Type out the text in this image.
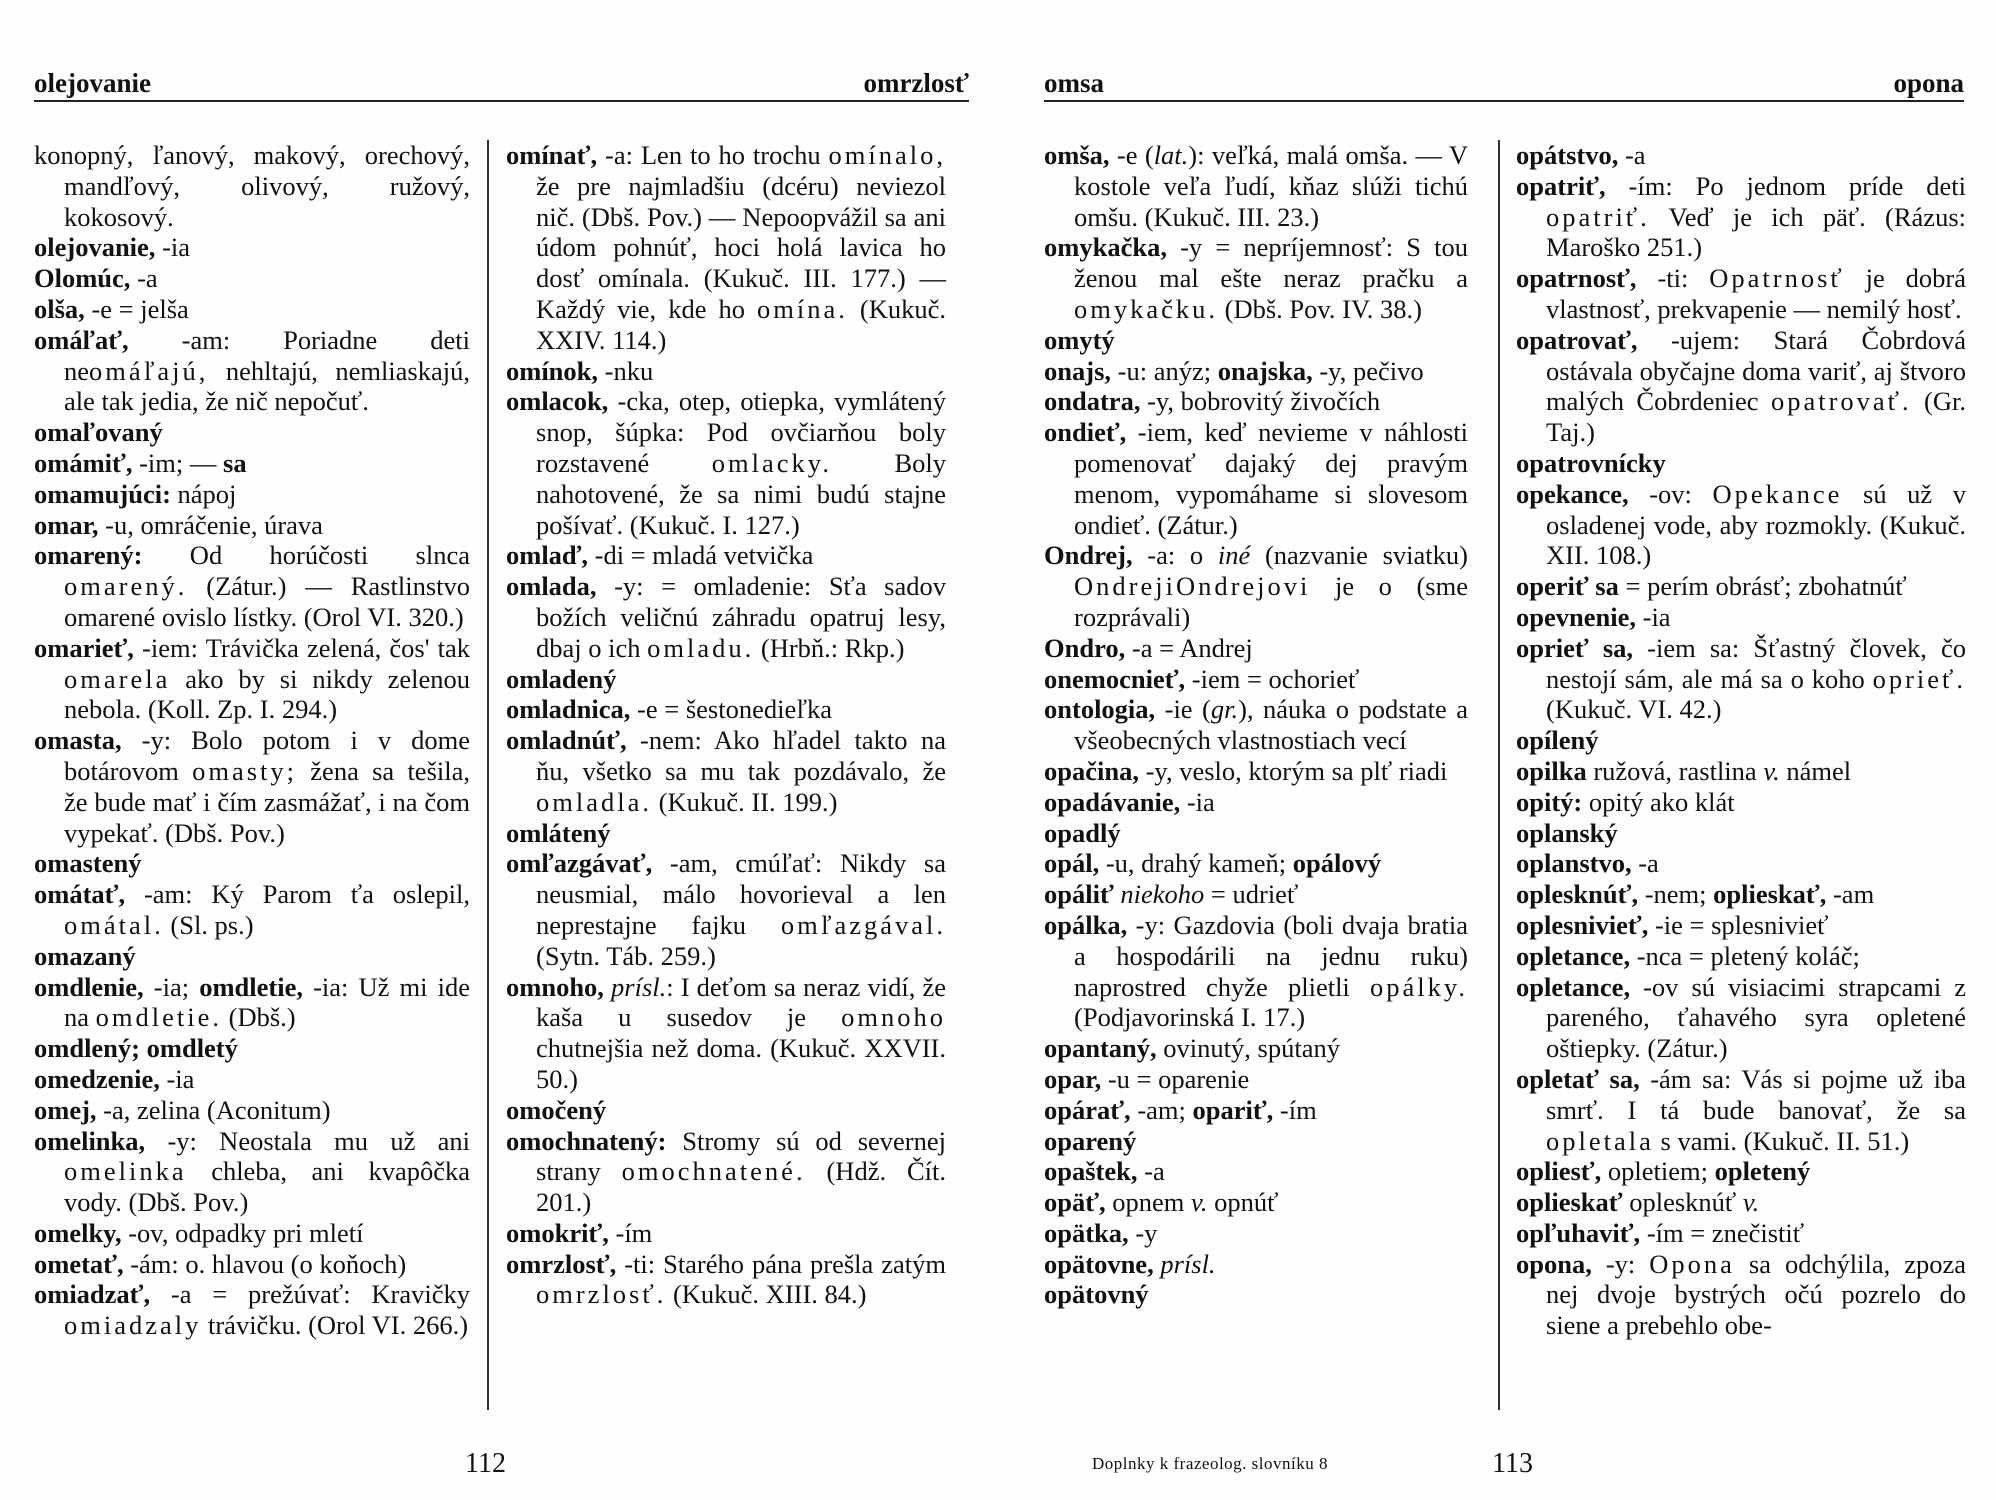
olejovanie	omrzlosť

konopný, ľanový, makový, orechový, mandľový, olivový, ružový, kokosový.

olejovanie, -ia

Olomúc, -a

olša, -e = jelša

omáľať, -am: Poriadne deti neomáľajú, nehltajú, nemliaskajú, ale tak jedia, že nič nepočuť.

omaľovaný

omámiť, -im; — sa

omamujúci: nápoj

omar, -u, omráčenie, úrava

omarený: Od horúčosti slnca omarený. (Zátur.) — Rastlinstvo omarené ovislo lístky. (Orol VI. 320.)

omarieť, -iem: Trávička zelená, čos' tak omarela ako by si nikdy zelenou nebola. (Koll. Zp. I. 294.)

omasta, -y: Bolo potom i v dome botárovom omasty; žena sa tešila, že bude mať i čím zasmážať, i na čom vypekať. (Dbš. Pov.)

omastený

omátať, -am: Ký Parom ťa oslepil, omátal. (Sl. ps.)

omazaný

omdlenie, -ia; omdletie, -ia: Už mi ide na omdletie. (Dbš.)

omdlený; omdletý

omedzenie, -ia

omej, -a, zelina (Aconitum)

omelinka, -y: Neostala mu už ani omelinka chleba, ani kvapôčka vody. (Dbš. Pov.)

omelky, -ov, odpadky pri mletí

ometať, -ám: o. hlavou (o koňoch)

omiadzať, -a = prežúvať: Kravičky omiadzaly trávičku. (Orol VI. 266.)

omínať, -a: Len to ho trochu omínalo, že pre najmladšiu (dcéru) neviezol nič. (Dbš. Pov.) — Nepoopvážil sa ani údom pohnúť, hoci holá lavica ho dosť omínala. (Kukuč. III. 177.) — Každý vie, kde ho omína. (Kukuč. XXIV. 114.)

omínok, -nku

omlacok, -cka, otep, otiepka, vymlátený snop, šúpka: Pod ovčiarňou boly rozstavené omlacky. Boly nahotovené, že sa nimi budú stajne pošívať. (Kukuč. I. 127.)

omlaď, -di = mladá vetvička

omlada, -y: = omladenie: Sťa sadov božích veličnú záhradu opatruj lesy, dbaj o ich omladu. (Hrbň.: Rkp.)

omladený

omladnica, -e = šestonedieľka

omladnúť, -nem: Ako hľadel takto na ňu, všetko sa mu tak pozdávalo, že omladla. (Kukuč. II. 199.)

omlátený

omľazgávať, -am, cmúľať: Nikdy sa neusmial, málo hovorieval a len neprestajne fajku omľazgával. (Sytn. Táb. 259.)

omnoho, prísl.: I deťom sa neraz vidí, že kaša u susedov je omnoho chutnejšia než doma. (Kukuč. XXVII. 50.)

omočený

omochnatený: Stromy sú od severnej strany omochnatené. (Hdž. Čít. 201.)

omokriť, -ím

omrzlosť, -ti: Starého pána prešla zatým omrzlosť. (Kukuč. XIII. 84.)

112
omsa	opona

omša, -e (lat.): veľká, malá omša. — V kostole veľa ľudí, kňaz slúži tichú omšu. (Kukuč. III. 23.)

omykačka, -y = nepríjemnosť: S tou ženou mal ešte neraz pračku a omykačku. (Dbš. Pov. IV. 38.)

omytý

onajs, -u: anýz; onajska, -y, pečivo

ondatra, -y, bobrovitý živočích

ondieť, -iem, keď nevieme v náhlosti pomenovať dajaký dej pravým menom, vypomáhame si slovesom ondieť. (Zátur.)

Ondrej, -a: o iné (nazvanie sviatku) OndrejiOndrejovi je o (sme rozprávali)

Ondro, -a = Andrej

onemocnieť, -iem = ochorieť

ontologia, -ie (gr.), náuka o podstate a všeobecných vlastnostiach vecí

opačina, -y, veslo, ktorým sa plť riadi

opadávanie, -ia

opadlý

opál, -u, drahý kameň; opálový

opáliť niekoho = udrieť

opálka, -y: Gazdovia (boli dvaja bratia a hospodárili na jednu ruku) naprostred chyže plietli opálky. (Podjavorinská I. 17.)

opantaný, ovinutý, spútaný

opar, -u = oparenie

opárať, -am; opariť, -ím

oparený

opaštek, -a

opäť, opnem v. opnúť

opätka, -y

opätovne, prísl.

opätovný

opátstvo, -a

opatriť, -ím: Po jednom príde deti opatriť. Veď je ich päť. (Rázus: Maroško 251.)

opatrnosť, -ti: Opatrnosť je dobrá vlastnosť, prekvapenie — nemilý hosť.

opatrovať, -ujem: Stará Čobrdová ostávala obyčajne doma variť, aj štvoro malých Čobrdeniec opatrovať. (Gr. Taj.)

opatrovnícky

opekance, -ov: Opekance sú už v osladenej vode, aby rozmokly. (Kukuč. XII. 108.)

operiť sa = perím obrásť; zbohatnúť

opevnenie, -ia

oprieť sa, -iem sa: Šťastný človek, čo nestojí sám, ale má sa o koho oprieť. (Kukuč. VI. 42.)

opílený

opilka ružová, rastlina v. námel

opitý: opitý ako klát

oplanský

oplanstvo, -a

oplesknúť, -nem; oplieskať, -am

oplesnivieť, -ie = splesnivieť

opletance, -nca = pletený koláč;

opletance, -ov sú visiacimi strapcami z pareného, ťahavého syra opletené oštiepky. (Zátur.)

opletať sa, -ám sa: Vás si pojme už iba smrť. I tá bude banovať, že sa opletala s vami. (Kukuč. II. 51.)

opliesť, opletiem; opletený

oplieskať oplesknúť v.

opľuhaviť, -ím = znečistiť

opona, -y: Opona sa odchýlila, zpoza nej dvoje bystrých očú pozrelo do siene a prebehlo obe-

Doplnky k frazeolog. slovníku 8	113
